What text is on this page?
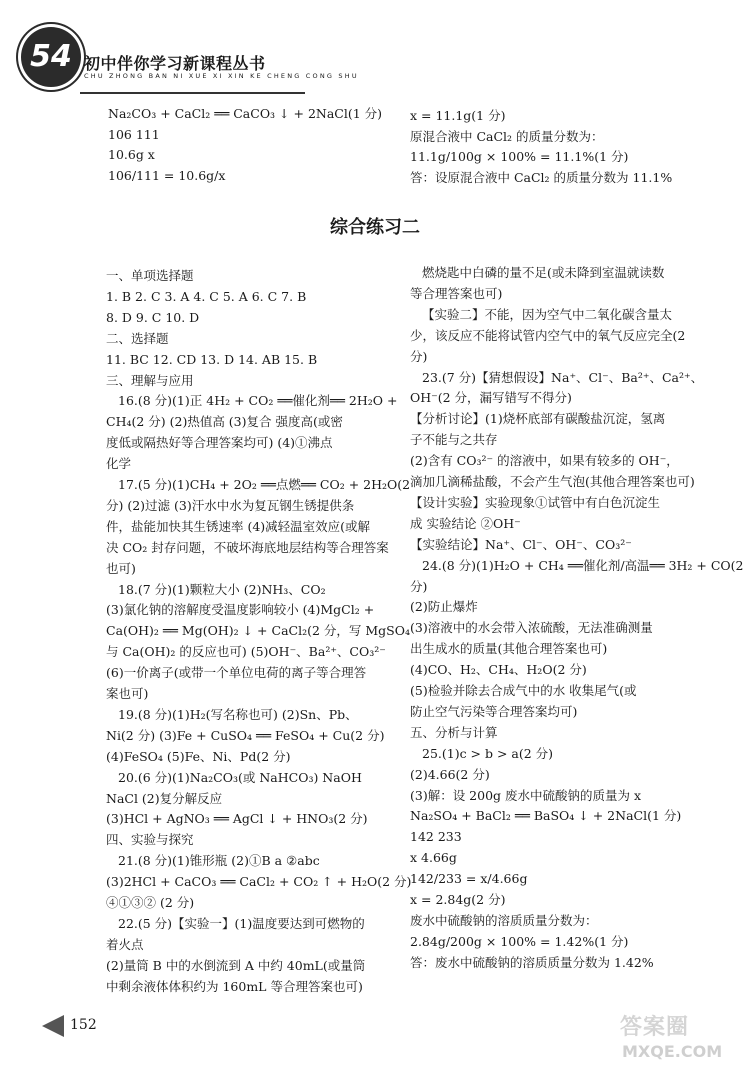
54 初中伴你学习新课程丛书
CHU ZHONG BAN NI XUE XI XIN KE CHENG CONG SHU
Na₂CO₃ + CaCl₂ ══ CaCO₃ ↓ + 2NaCl(1 分)
106 111
10.6g x
106/111 = 10.6g/x
x = 11.1g(1 分)
原混合液中 CaCl₂ 的质量分数为：
11.1g/100g × 100% = 11.1%(1 分)
答：设原混合液中 CaCl₂ 的质量分数为 11.1%
综合练习二
一、单项选择题
1. B 2. C 3. A 4. C 5. A 6. C 7. B
8. D 9. C 10. D
二、选择题
11. BC 12. CD 13. D 14. AB 15. B
三、理解与应用
16.(8 分)(1)正 4H₂ + CO₂ ══催化剂══ 2H₂O +
CH₄(2 分) (2)热值高 (3)复合 强度高(或密
度低或隔热好等合理答案均可) (4)①沸点
化学
17.(5 分)(1)CH₄ + 2O₂ ══点燃══ CO₂ + 2H₂O(2
分) (2)过滤 (3)汗水中水为复瓦钢生锈提供条
件，盐能加快其生锈速率 (4)减轻温室效应(或解
决 CO₂ 封存问题，不破坏海底地层结构等合理答案
也可)
18.(7 分)(1)颗粒大小 (2)NH₃、CO₂
(3)氯化钠的溶解度受温度影响较小 (4)MgCl₂ +
Ca(OH)₂ ══ Mg(OH)₂ ↓ + CaCl₂(2 分，写 MgSO₄
与 Ca(OH)₂ 的反应也可) (5)OH⁻、Ba²⁺、CO₃²⁻
(6)一价离子(或带一个单位电荷的离子等合理答
案也可)
19.(8 分)(1)H₂(写名称也可) (2)Sn、Pb、
Ni(2 分) (3)Fe + CuSO₄ ══ FeSO₄ + Cu(2 分)
(4)FeSO₄ (5)Fe、Ni、Pd(2 分)
20.(6 分)(1)Na₂CO₃(或 NaHCO₃) NaOH
NaCl (2)复分解反应
(3)HCl + AgNO₃ ══ AgCl ↓ + HNO₃(2 分)
四、实验与探究
21.(8 分)(1)锥形瓶 (2)①B a ②abc
(3)2HCl + CaCO₃ ══ CaCl₂ + CO₂ ↑ + H₂O(2 分)
④①③② (2 分)
22.(5 分)【实验一】(1)温度要达到可燃物的
着火点
(2)量筒 B 中的水倒流到 A 中约 40mL(或量筒
中剩余液体体积约为 160mL 等合理答案也可)
燃烧匙中白磷的量不足(或未降到室温就读数
等合理答案也可)
【实验二】不能，因为空气中二氧化碳含量太
少，该反应不能将试管内空气中的氧气反应完全(2
分)
23.(7 分)【猜想假设】Na⁺、Cl⁻、Ba²⁺、Ca²⁺、
OH⁻(2 分，漏写错写不得分)
【分析讨论】(1)烧杯底部有碳酸盐沉淀，氢离
子不能与之共存
(2)含有 CO₃²⁻ 的溶液中，如果有较多的 OH⁻，
滴加几滴稀盐酸，不会产生气泡(其他合理答案也可)
【设计实验】实验现象①试管中有白色沉淀生
成 实验结论 ②OH⁻
【实验结论】Na⁺、Cl⁻、OH⁻、CO₃²⁻
24.(8 分)(1)H₂O + CH₄ ══催化剂/高温══ 3H₂ + CO(2
分)
(2)防止爆炸
(3)溶液中的水会带入浓硫酸，无法准确测量
出生成水的质量(其他合理答案也可)
(4)CO、H₂、CH₄、H₂O(2 分)
(5)检验并除去合成气中的水 收集尾气(或
防止空气污染等合理答案均可)
五、分析与计算
25.(1)c > b > a(2 分)
(2)4.66(2 分)
(3)解：设 200g 废水中硫酸钠的质量为 x
Na₂SO₄ + BaCl₂ ══ BaSO₄ ↓ + 2NaCl(1 分)
142 233
x 4.66g
142/233 = x/4.66g
x = 2.84g(2 分)
废水中硫酸钠的溶质质量分数为：
2.84g/200g × 100% = 1.42%(1 分)
答：废水中硫酸钠的溶质质量分数为 1.42%
152	答案圈
MXQE.COM
